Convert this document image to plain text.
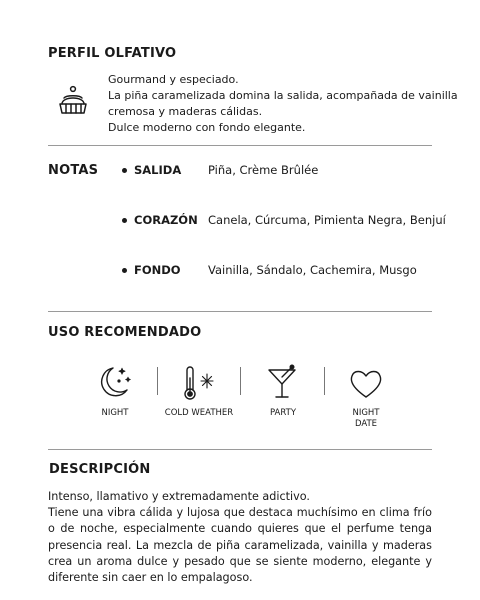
PERFIL OLFATIVO
Gourmand y especiado.
La piña caramelizada domina la salida, acompañada de vainilla
cremosa y maderas cálidas.
Dulce moderno con fondo elegante.
NOTAS	SALIDA	Piña, Crème Brûlée
CORAZÓN Canela, Cúrcuma, Pimienta Negra, Benjuí
FONDO	Vainilla, Sándalo, Cachemira, Musgo
USO RECOMENDADO
NIGHT	COLD WEATHER	PARTY	NIGHT DATE
DESCRIPCIÓN

Intenso, llamativo y extremadamente adictivo.

Tiene una vibra cálida y lujosa que destaca muchísimo en clima frío o de noche, especialmente cuando quieres que el perfume tenga presencia real. La mezcla de piña caramelizada, vainilla y maderas crea un aroma dulce y pesado que se siente moderno, elegante y diferente sin caer en lo empalagoso.
